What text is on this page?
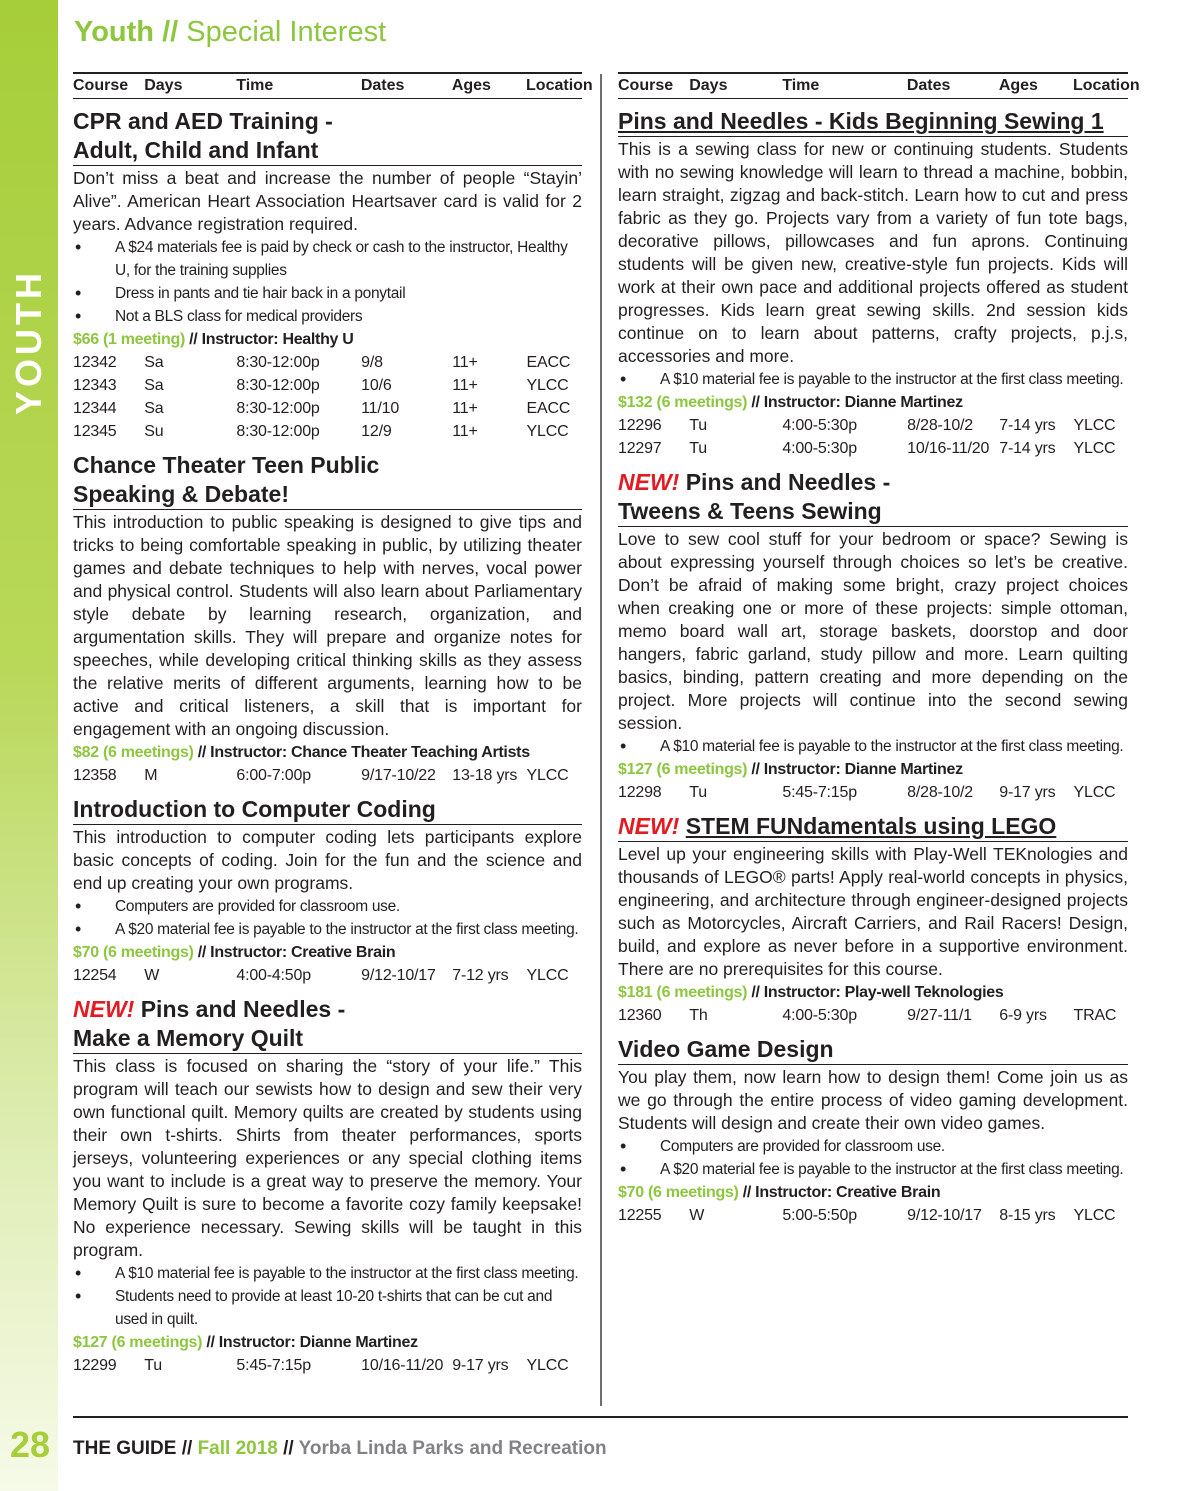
YOUTH
28
Youth // Special Interest
Course	Days	Time	Dates	Ages	Location
CPR and AED Training -
Adult, Child and Infant
Don’t miss a beat and increase the number of people “Stayin’ Alive”. American Heart Association Heartsaver card is valid for 2 years. Advance registration required.
• A $24 materials fee is paid by check or cash to the instructor, Healthy U, for the training supplies
• Dress in pants and tie hair back in a ponytail
• Not a BLS class for medical providers
$66 (1 meeting) // Instructor: Healthy U
12342	Sa	8:30-12:00p	9/8	11+	EACC
12343	Sa	8:30-12:00p	10/6	11+	YLCC
12344	Sa	8:30-12:00p	11/10	11+	EACC
12345	Su	8:30-12:00p	12/9	11+	YLCC
Chance Theater Teen Public
Speaking & Debate!
This introduction to public speaking is designed to give tips and tricks to being comfortable speaking in public, by utilizing theater games and debate techniques to help with nerves, vocal power and physical control. Students will also learn about Parliamentary style debate by learning research, organization, and argumentation skills. They will prepare and organize notes for speeches, while developing critical thinking skills as they assess the relative merits of different arguments, learning how to be active and critical listeners, a skill that is important for engagement with an ongoing discussion.
$82 (6 meetings) // Instructor: Chance Theater Teaching Artists
12358	M	6:00-7:00p	9/17-10/22	13-18 yrs YLCC
Introduction to Computer Coding
This introduction to computer coding lets participants explore basic concepts of coding. Join for the fun and the science and end up creating your own programs.
• Computers are provided for classroom use.
• A $20 material fee is payable to the instructor at the first class meeting.
$70 (6 meetings) // Instructor: Creative Brain
12254	W	4:00-4:50p	9/12-10/17	7-12 yrs	YLCC
NEW! Pins and Needles -
Make a Memory Quilt
This class is focused on sharing the “story of your life.” This program will teach our sewists how to design and sew their very own functional quilt. Memory quilts are created by students using their own t-shirts. Shirts from theater performances, sports jerseys, volunteering experiences or any special clothing items you want to include is a great way to preserve the memory. Your Memory Quilt is sure to become a favorite cozy family keepsake! No experience necessary. Sewing skills will be taught in this program.
• A $10 material fee is payable to the instructor at the first class meeting.
• Students need to provide at least 10-20 t-shirts that can be cut and used in quilt.
$127 (6 meetings) // Instructor: Dianne Martinez
12299	Tu	5:45-7:15p	10/16-11/20 9-17 yrs	YLCC
Course	Days	Time	Dates	Ages	Location
Pins and Needles - Kids Beginning Sewing 1
This is a sewing class for new or continuing students. Students with no sewing knowledge will learn to thread a machine, bobbin, learn straight, zigzag and back-stitch. Learn how to cut and press fabric as they go. Projects vary from a variety of fun tote bags, decorative pillows, pillowcases and fun aprons. Continuing students will be given new, creative-style fun projects. Kids will work at their own pace and additional projects offered as student progresses. Kids learn great sewing skills. 2nd session kids continue on to learn about patterns, crafty projects, p.j.s, accessories and more.
• A $10 material fee is payable to the instructor at the first class meeting.
$132 (6 meetings) // Instructor: Dianne Martinez
12296	Tu	4:00-5:30p	8/28-10/2	7-14 yrs	YLCC
12297	Tu	4:00-5:30p	10/16-11/20 7-14 yrs	YLCC
NEW! Pins and Needles -
Tweens & Teens Sewing
Love to sew cool stuff for your bedroom or space? Sewing is about expressing yourself through choices so let’s be creative. Don’t be afraid of making some bright, crazy project choices when creaking one or more of these projects: simple ottoman, memo board wall art, storage baskets, doorstop and door hangers, fabric garland, study pillow and more. Learn quilting basics, binding, pattern creating and more depending on the project. More projects will continue into the second sewing session.
• A $10 material fee is payable to the instructor at the first class meeting.
$127 (6 meetings) // Instructor: Dianne Martinez
12298	Tu	5:45-7:15p	8/28-10/2	9-17 yrs	YLCC
NEW! STEM FUNdamentals using LEGO
Level up your engineering skills with Play-Well TEKnologies and thousands of LEGO® parts! Apply real-world concepts in physics, engineering, and architecture through engineer-designed projects such as Motorcycles, Aircraft Carriers, and Rail Racers! Design, build, and explore as never before in a supportive environment. There are no prerequisites for this course.
$181 (6 meetings) // Instructor: Play-well Teknologies
12360	Th	4:00-5:30p	9/27-11/1	6-9 yrs	TRAC
Video Game Design
You play them, now learn how to design them! Come join us as we go through the entire process of video gaming development. Students will design and create their own video games.
• Computers are provided for classroom use.
• A $20 material fee is payable to the instructor at the first class meeting.
$70 (6 meetings) // Instructor: Creative Brain
12255	W	5:00-5:50p	9/12-10/17	8-15 yrs	YLCC
THE GUIDE // Fall 2018 // Yorba Linda Parks and Recreation
